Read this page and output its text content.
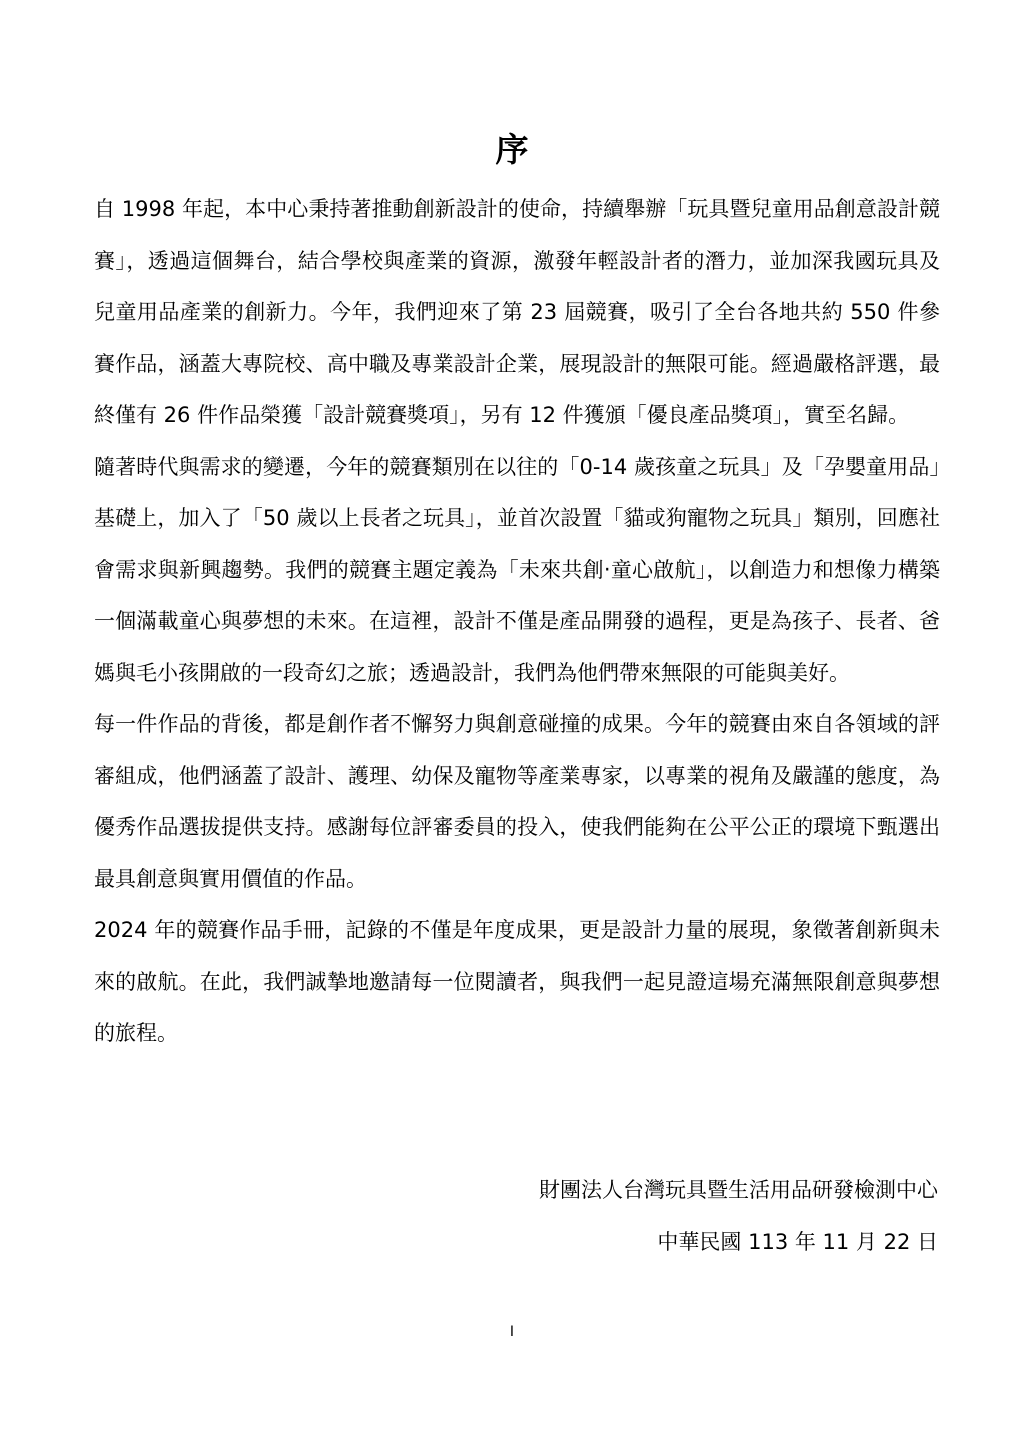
序

自 1998 年起，本中心秉持著推動創新設計的使命，持續舉辦「玩具暨兒童用品創意設計競賽」，透過這個舞台，結合學校與產業的資源，激發年輕設計者的潛力，並加深我國玩具及兒童用品產業的創新力。今年，我們迎來了第 23 屆競賽，吸引了全台各地共約 550 件參賽作品，涵蓋大專院校、高中職及專業設計企業，展現設計的無限可能。經過嚴格評選，最終僅有 26 件作品榮獲「設計競賽獎項」，另有 12 件獲頒「優良產品獎項」，實至名歸。

隨著時代與需求的變遷，今年的競賽類別在以往的「0-14 歲孩童之玩具」及「孕嬰童用品」基礎上，加入了「50 歲以上長者之玩具」，並首次設置「貓或狗寵物之玩具」類別，回應社會需求與新興趨勢。我們的競賽主題定義為「未來共創‧童心啟航」，以創造力和想像力構築一個滿載童心與夢想的未來。在這裡，設計不僅是產品開發的過程，更是為孩子、長者、爸媽與毛小孩開啟的一段奇幻之旅；透過設計，我們為他們帶來無限的可能與美好。

每一件作品的背後，都是創作者不懈努力與創意碰撞的成果。今年的競賽由來自各領域的評審組成，他們涵蓋了設計、護理、幼保及寵物等產業專家，以專業的視角及嚴謹的態度，為優秀作品選拔提供支持。感謝每位評審委員的投入，使我們能夠在公平公正的環境下甄選出最具創意與實用價值的作品。

2024 年的競賽作品手冊，記錄的不僅是年度成果，更是設計力量的展現，象徵著創新與未來的啟航。在此，我們誠摯地邀請每一位閱讀者，與我們一起見證這場充滿無限創意與夢想的旅程。

財團法人台灣玩具暨生活用品研發檢測中心
中華民國 113 年 11 月 22 日
I
